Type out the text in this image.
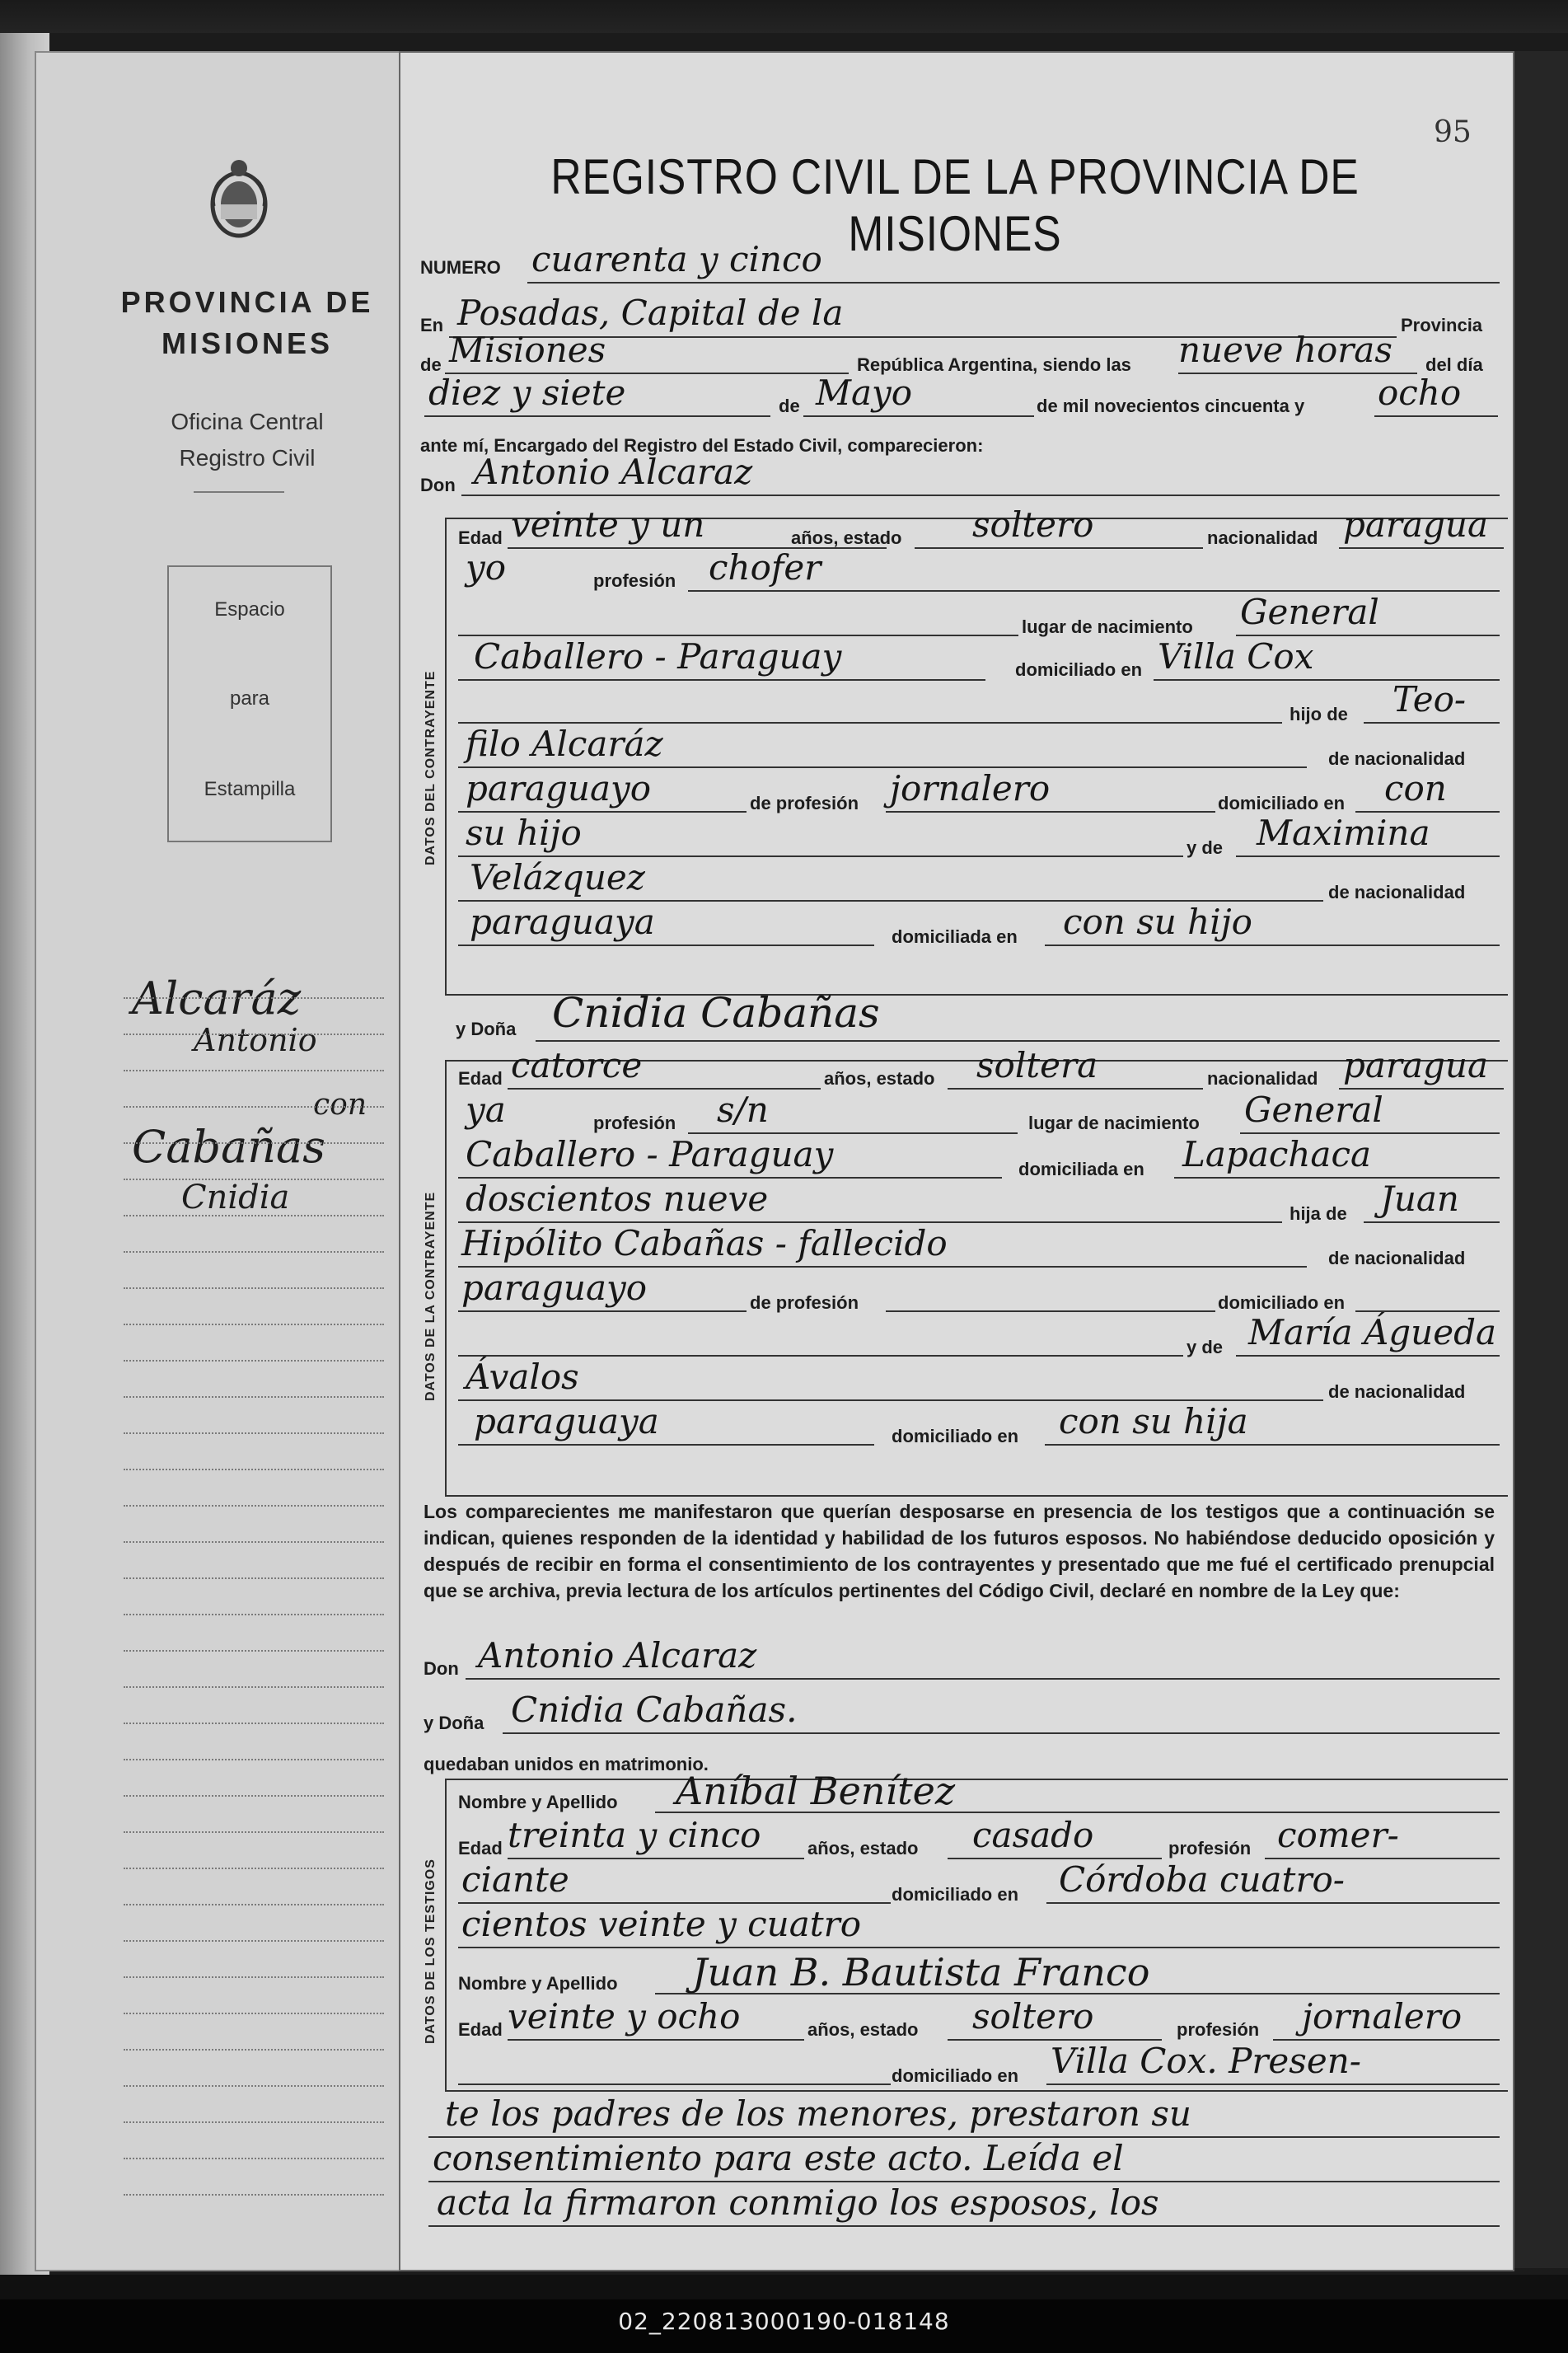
PROVINCIA DE
MISIONES
Oficina Central
Registro Civil
Espacio
para
Estampilla
Alcaráz
Antonio
con
Cabañas
Cnidia
95
REGISTRO CIVIL DE LA PROVINCIA DE MISIONES
NUMERO cuarenta y cinco
En Posadas, Capital de la	Provincia
de Misiones	República Argentina, siendo las nueve horas del día
diez y siete	de Mayo	de mil novecientos cincuenta y ocho
ante mí, Encargado del Registro del Estado Civil, comparecieron:
Don Antonio Alcaraz
DATOS DEL CONTRAYENTE
Edad veinte y un	años, estado soltero	nacionalidad paragua
yo	profesión chofer
lugar de nacimiento General
Caballero - Paraguay	domiciliado en Villa Cox
hijo de Teo-
filo Alcaráz	de nacionalidad
paraguayo	de profesión jornalero	domiciliado en con
su hijo	y de Maximina
Velázquez	de nacionalidad
paraguaya	domiciliada en con su hijo
y Doña Cnidia Cabañas
DATOS DE LA CONTRAYENTE
Edad catorce	años, estado soltera	nacionalidad paragua
ya	profesión s/n	lugar de nacimiento General
Caballero - Paraguay	domiciliada en Lapachaca
doscientos nueve	hija de Juan
Hipólito Cabañas - fallecido	de nacionalidad
paraguayo	de profesión	domiciliado en
y de María Águeda
Ávalos	de nacionalidad
paraguaya	domiciliado en con su hija
Los comparecientes me manifestaron que querían desposarse en presencia de los testigos que a continuación se indican, quienes responden de la identidad y habilidad de los futuros esposos. No habiéndose deducido oposición y después de recibir en forma el consentimiento de los contrayentes y presentado que me fué el certificado prenupcial que se archiva, previa lectura de los artículos pertinentes del Código Civil, declaré en nombre de la Ley que:
Don Antonio Alcaraz
y Doña Cnidia Cabañas.
quedaban unidos en matrimonio.
DATOS DE LOS TESTIGOS
Nombre y Apellido Aníbal Benítez
Edad treinta y cinco	años, estado casado	profesión comer-
ciante	domiciliado en Córdoba cuatro-
cientos veinte y cuatro
Nombre y Apellido Juan B. Bautista Franco
Edad veinte y ocho	años, estado soltero	profesión jornalero
domiciliado en Villa Cox. Presen-
te los padres de los menores, prestaron su
consentimiento para este acto. Leída el
acta la firmaron conmigo los esposos, los
02_220813000190-018148
